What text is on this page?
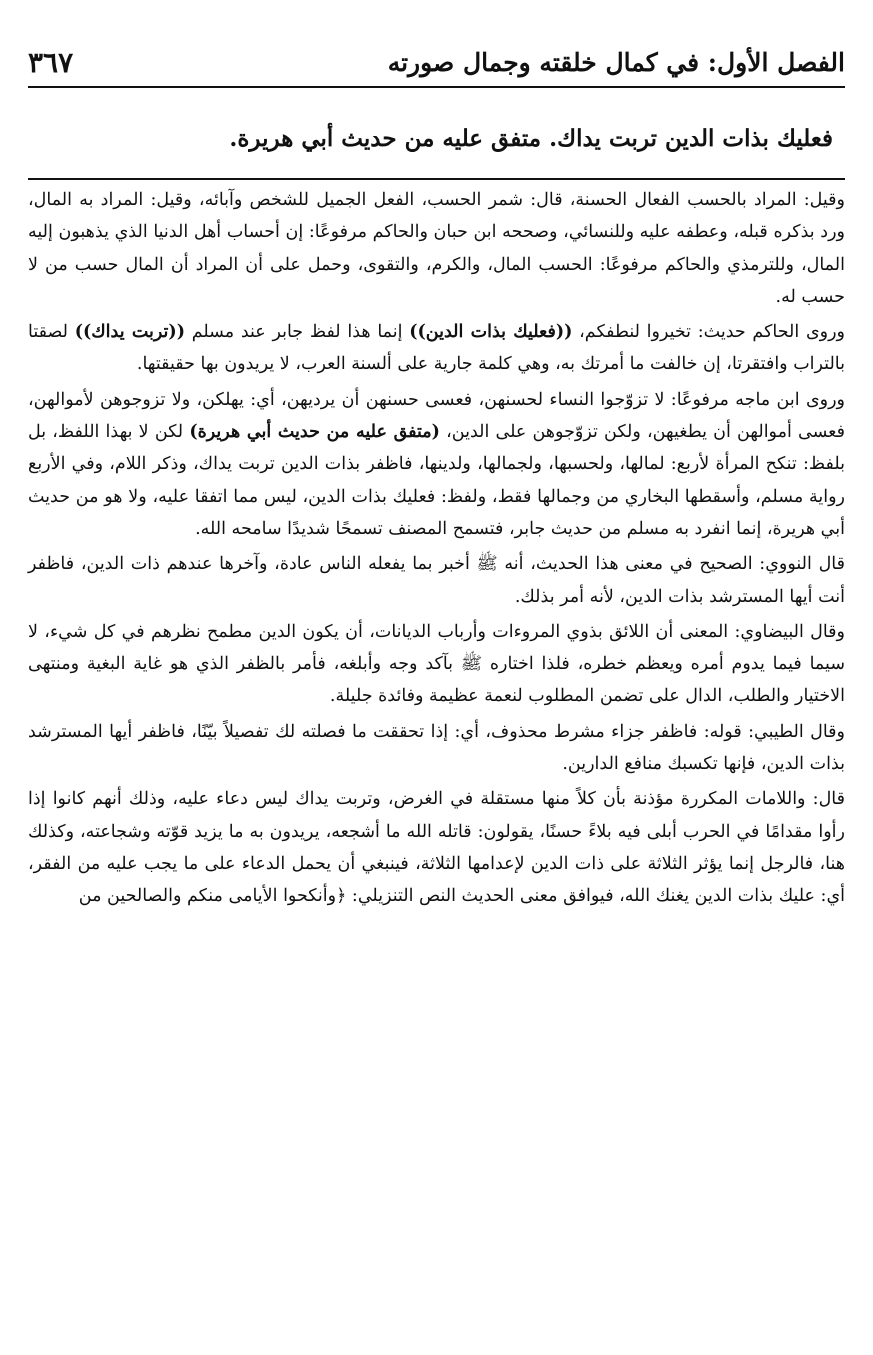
الفصل الأول: في كمال خلقته وجمال صورته
٣٦٧
فعليك بذات الدين تربت يداك. متفق عليه من حديث أبي هريرة.

وقيل: المراد بالحسب الفعال الحسنة، قال: شمر الحسب، الفعل الجميل للشخص وآبائه، وقيل: المراد به المال، ورد بذكره قبله، وعطفه عليه وللنسائي، وصححه ابن حبان والحاكم مرفوعًا: إن أحساب أهل الدنيا الذي يذهبون إليه المال، وللترمذي والحاكم مرفوعًا: الحسب المال، والكرم، والتقوى، وحمل على أن المراد أن المال حسب من لا حسب له.

وروى الحاكم حديث: تخيروا لنطفكم، ((فعليك بذات الدين)) إنما هذا لفظ جابر عند مسلم ((تربت يداك)) لصقتا بالتراب وافتقرتا، إن خالفت ما أمرتك به، وهي كلمة جارية على ألسنة العرب، لا يريدون بها حقيقتها.

وروى ابن ماجه مرفوعًا: لا تزوّجوا النساء لحسنهن، فعسى حسنهن أن يرديهن، أي: يهلكن، ولا تزوجوهن لأموالهن، فعسى أموالهن أن يطغيهن، ولكن تزوّجوهن على الدين، (متفق عليه من حديث أبي هريرة) لكن لا بهذا اللفظ، بل بلفظ: تنكح المرأة لأربع: لمالها، ولحسبها، ولجمالها، ولدينها، فاظفر بذات الدين تربت يداك، وذكر اللام، وفي الأربع رواية مسلم، وأسقطها البخاري من وجمالها فقط، ولفظ: فعليك بذات الدين، ليس مما اتفقا عليه، ولا هو من حديث أبي هريرة، إنما انفرد به مسلم من حديث جابر، فتسمح المصنف تسمحًا شديدًا سامحه الله.

قال النووي: الصحيح في معنى هذا الحديث، أنه ﷺ أخبر بما يفعله الناس عادة، وآخرها عندهم ذات الدين، فاظفر أنت أيها المسترشد بذات الدين، لأنه أمر بذلك.

وقال البيضاوي: المعنى أن اللائق بذوي المروءات وأرباب الديانات، أن يكون الدين مطمح نظرهم في كل شيء، لا سيما فيما يدوم أمره ويعظم خطره، فلذا اختاره ﷺ بآكد وجه وأبلغه، فأمر بالظفر الذي هو غاية البغية ومنتهى الاختيار والطلب، الدال على تضمن المطلوب لنعمة عظيمة وفائدة جليلة.

وقال الطيبي: قوله: فاظفر جزاء مشرط محذوف، أي: إذا تحققت ما فصلته لك تفصيلاً بيّنًا، فاظفر أيها المسترشد بذات الدين، فإنها تكسبك منافع الدارين.

قال: واللامات المكررة مؤذنة بأن كلاً منها مستقلة في الغرض، وتربت يداك ليس دعاء عليه، وذلك أنهم كانوا إذا رأوا مقدامًا في الحرب أبلى فيه بلاءً حسنًا، يقولون: قاتله الله ما أشجعه، يريدون به ما يزيد قوّته وشجاعته، وكذلك هنا، فالرجل إنما يؤثر الثلاثة على ذات الدين لإعدامها الثلاثة، فينبغي أن يحمل الدعاء على ما يجب عليه من الفقر، أي: عليك بذات الدين يغنك الله، فيوافق معنى الحديث النص التنزيلي: ﴿وأنكحوا الأيامى منكم والصالحين من
